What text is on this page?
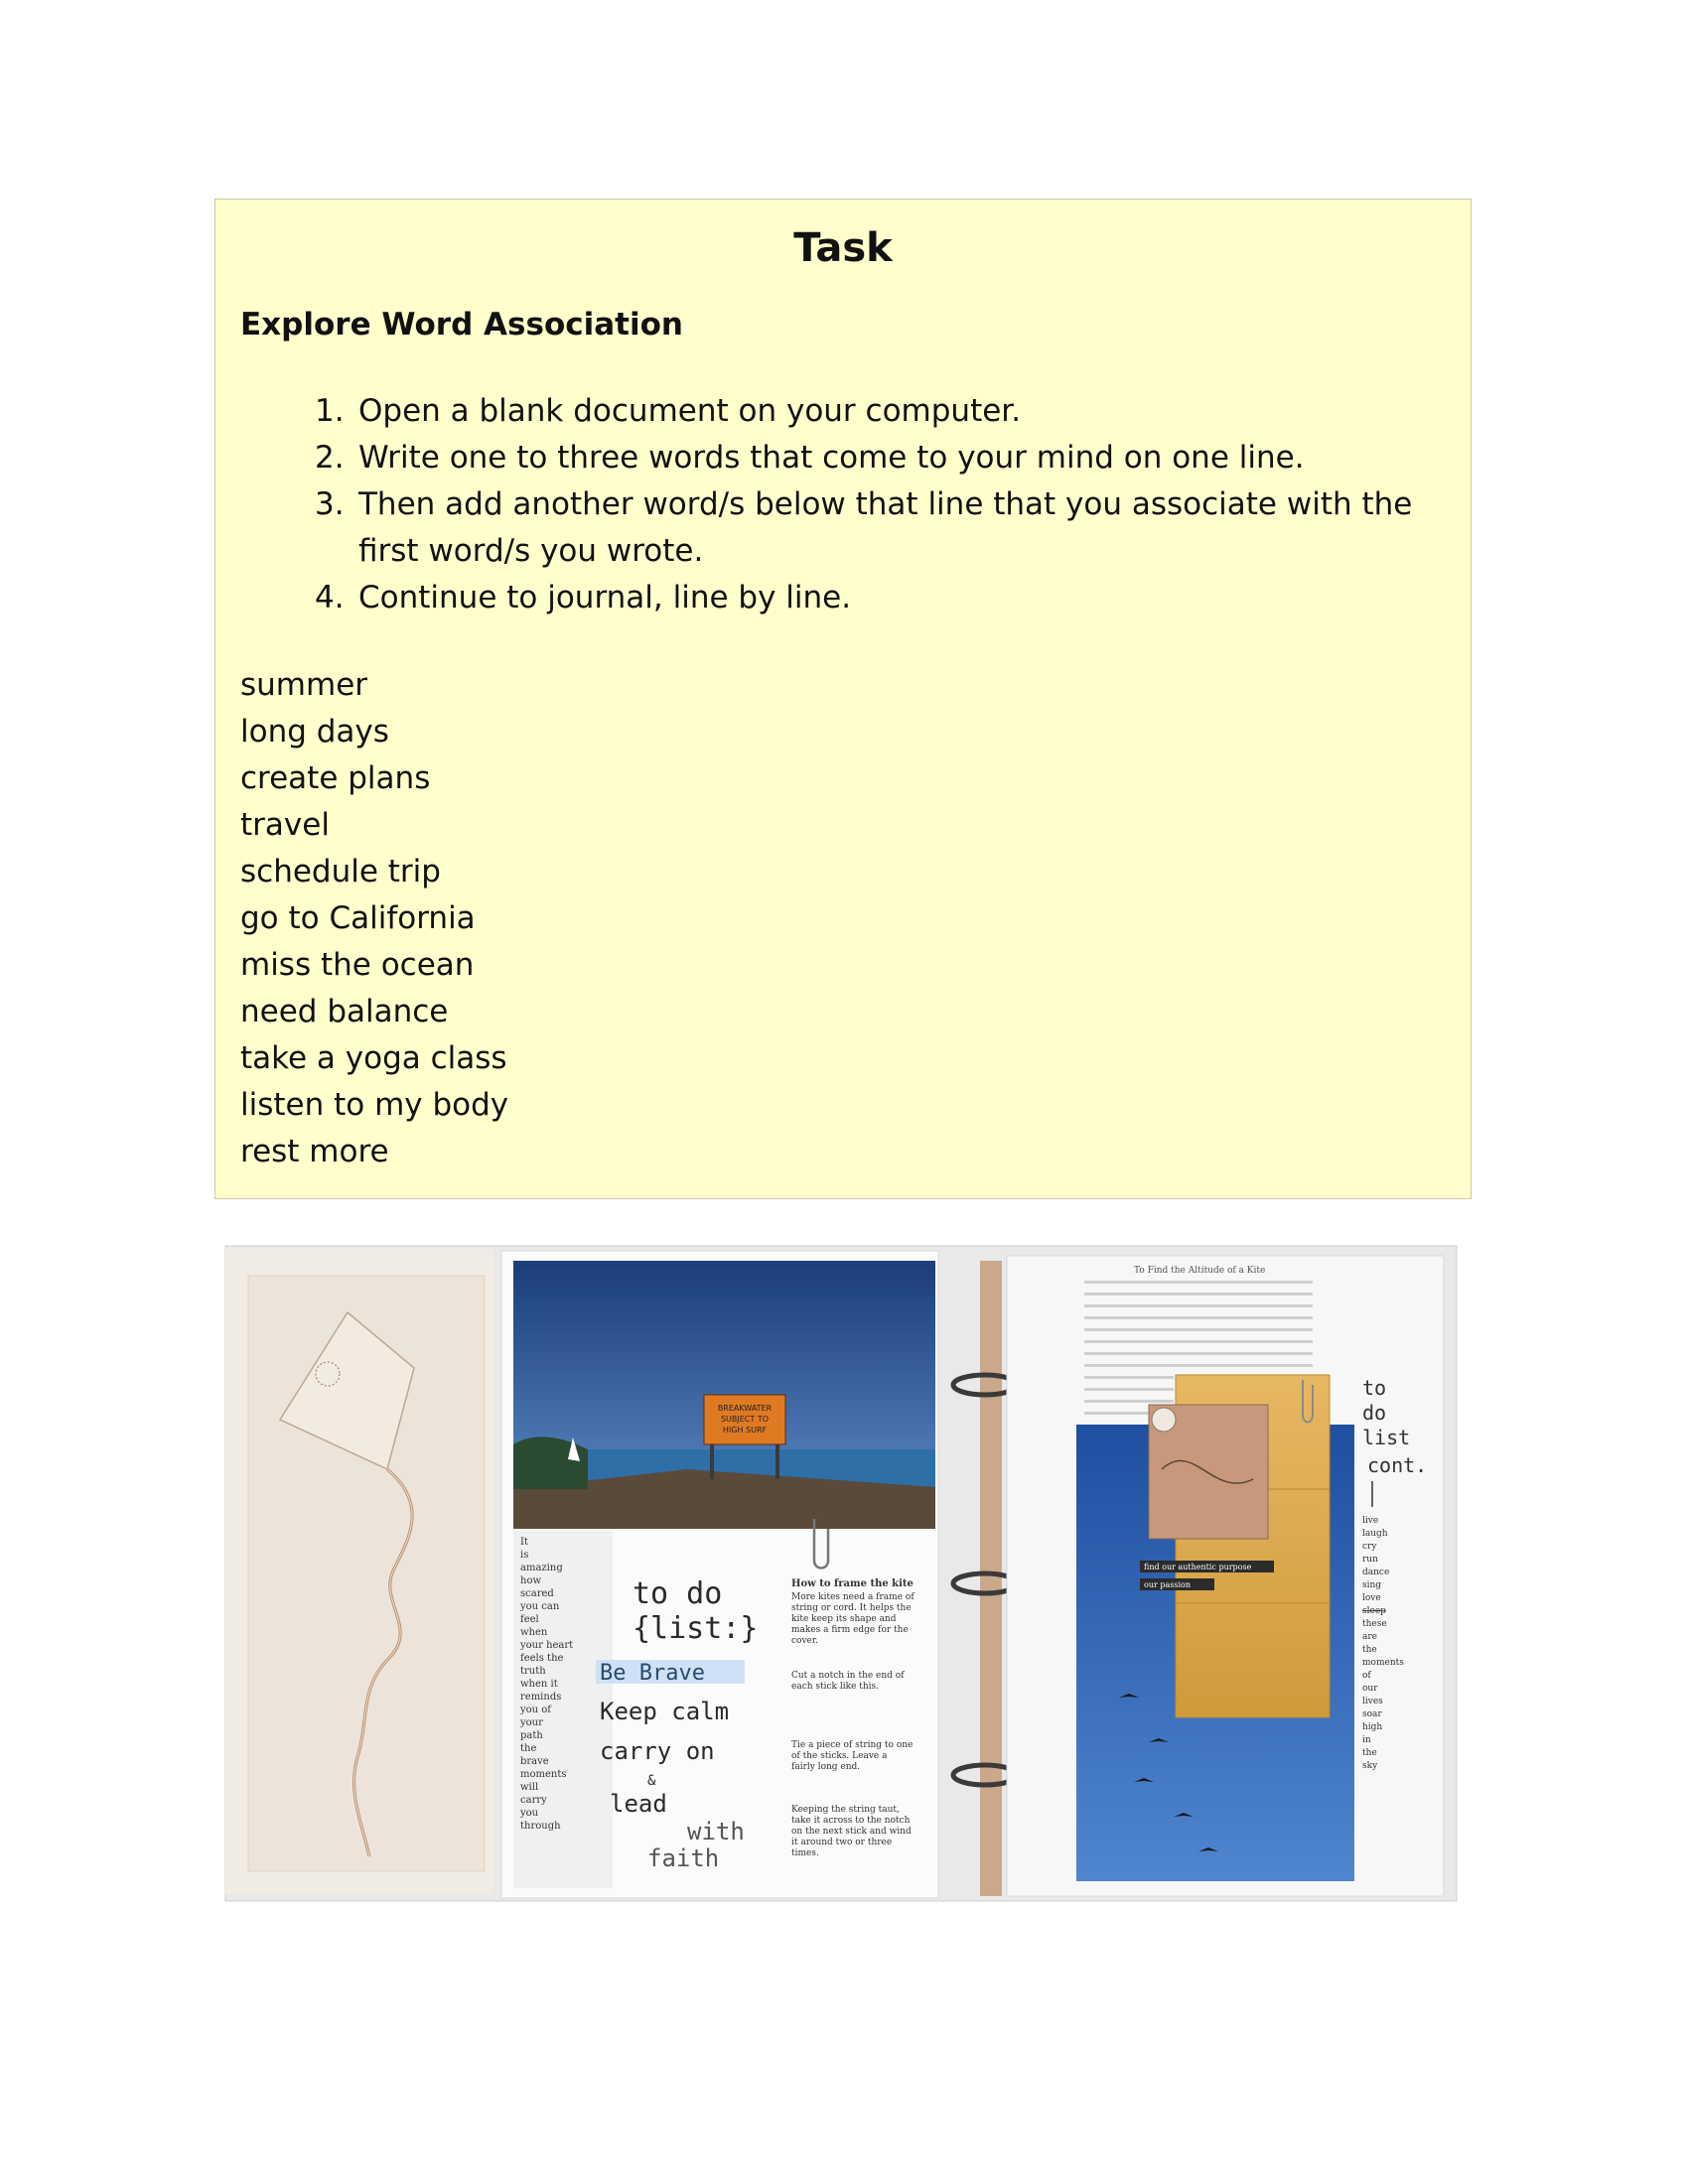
Task
Explore Word Association
1. Open a blank document on your computer.
2. Write one to three words that come to your mind on one line.
3. Then add another word/s below that line that you associate with the first word/s you wrote.
4. Continue to journal, line by line.
summer
long days
create plans
travel
schedule trip
go to California
miss the ocean
need balance
take a yoga class
listen to my body
rest more
BREAKWATER
SUBJECT TO
HIGH SURF
It
is
amazing
how
scared
you can
feel
when
your heart
feels the
truth
when it
reminds
you of
your
path
the
brave
moments
will
carry
you
through
to do
{list:}
Be Brave
Keep calm
carry on
&
lead
with
faith
How to frame the kite
More kites need a frame of
string or cord. It helps the
kite keep its shape and
makes a firm edge for the
cover.
Cut a notch in the end of
each stick like this.
Tie a piece of string to one
of the sticks. Leave a
fairly long end.
Keeping the string taut,
take it across to the notch
on the next stick and wind
it around two or three
times.
To Find the Altitude of a Kite
find our authentic purpose
our passion
to
do
list
cont.
live
laugh
cry
run
dance
sing
love
sleep
these
are
the
moments
of
our
lives
soar
high
in
the
sky
